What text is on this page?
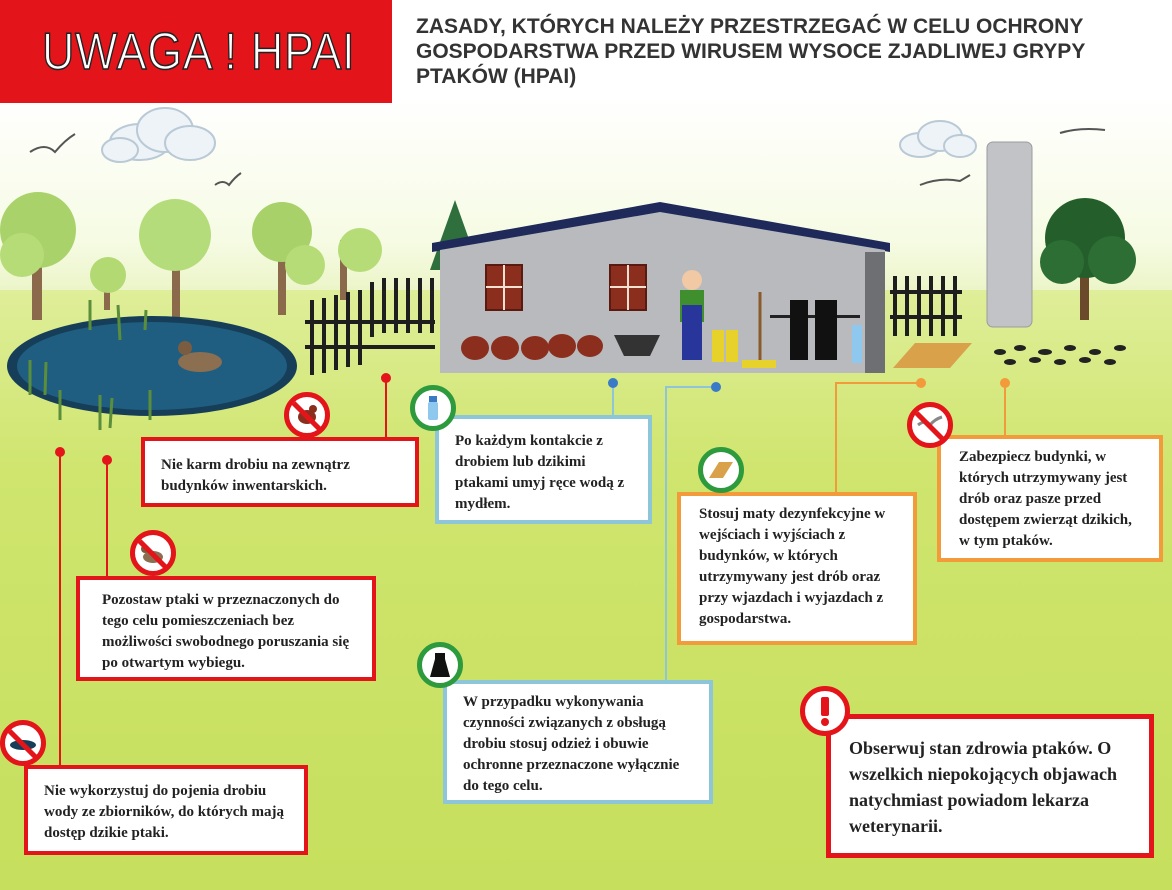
UWAGA ! HPAI	ZASADY, KTÓRYCH NALEŻY PRZESTRZEGAĆ W CELU OCHRONY GOSPODARSTWA PRZED WIRUSEM WYSOCE ZJADLIWEJ GRYPY PTAKÓW (HPAI)
Nie karm drobiu na zewnątrz budynków inwentarskich.
Pozostaw ptaki w przeznaczonych do tego celu pomieszczeniach bez możliwości swobodnego poruszania się po otwartym wybiegu.
Nie wykorzystuj do pojenia drobiu wody ze zbiorników, do których mają dostęp dzikie ptaki.
Po każdym kontakcie z drobiem lub dzikimi ptakami umyj ręce wodą z mydłem.
W przypadku wykonywania czynności związanych z obsługą drobiu stosuj odzież i obuwie ochronne przeznaczone wyłącznie do tego celu.
Stosuj maty dezynfekcyjne w wejściach i wyjściach z budynków, w których utrzymywany jest drób oraz przy wjazdach i wyjazdach z gospodarstwa.
Zabezpiecz budynki, w których utrzymywany jest drób oraz pasze przed dostępem zwierząt dzikich, w tym ptaków.
Obserwuj stan zdrowia ptaków. O wszelkich niepokojących objawach natychmiast powiadom lekarza weterynarii.
